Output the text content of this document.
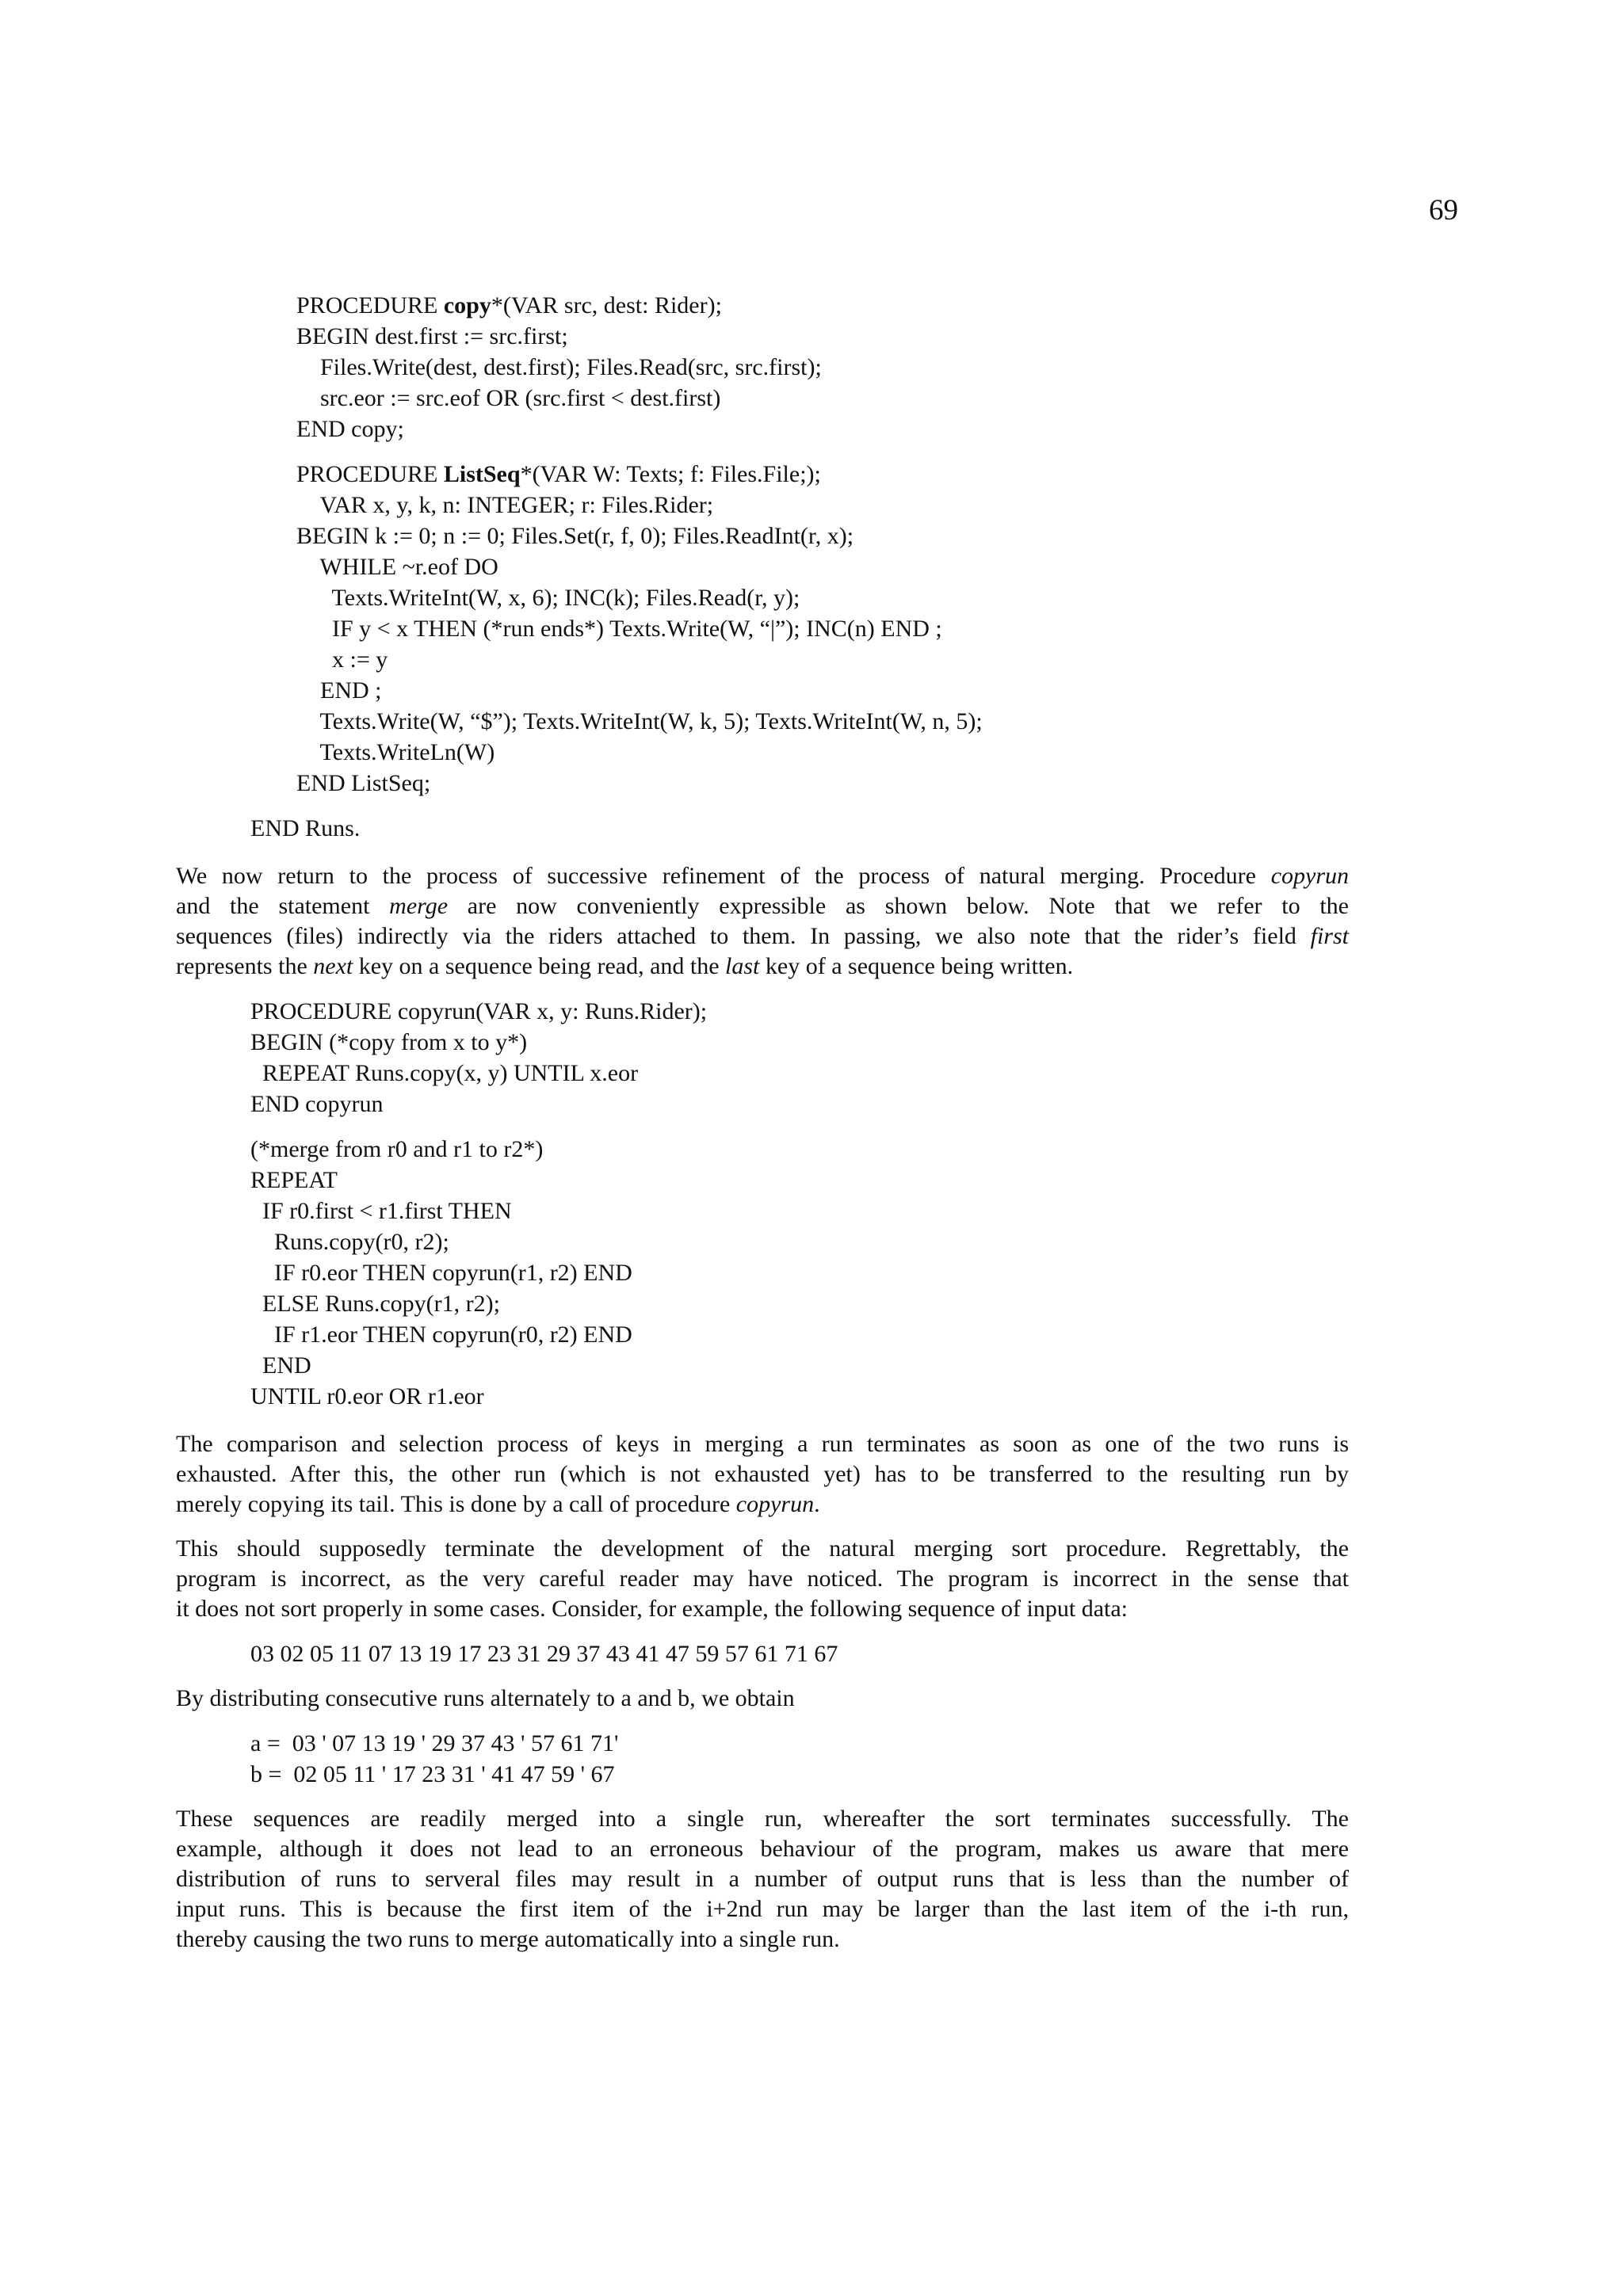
69
PROCEDURE copy*(VAR src, dest: Rider);
BEGIN dest.first := src.first;
Files.Write(dest, dest.first); Files.Read(src, src.first);
src.eor := src.eof OR (src.first < dest.first)
END copy;
PROCEDURE ListSeq*(VAR W: Texts; f: Files.File;);
VAR x, y, k, n: INTEGER; r: Files.Rider;
BEGIN k := 0; n := 0; Files.Set(r, f, 0); Files.ReadInt(r, x);
WHILE ~r.eof DO
Texts.WriteInt(W, x, 6); INC(k); Files.Read(r, y);
IF y < x THEN (*run ends*) Texts.Write(W, “|”); INC(n) END ;
x := y
END ;
Texts.Write(W, “$”); Texts.WriteInt(W, k, 5); Texts.WriteInt(W, n, 5);
Texts.WriteLn(W)
END ListSeq;
END Runs.

We now return to the process of successive refinement of the process of natural merging. Procedure copyrun
and the statement merge are now conveniently expressible as shown below. Note that we refer to the
sequences (files) indirectly via the riders attached to them. In passing, we also note that the rider’s field first
represents the next key on a sequence being read, and the last key of a sequence being written.

PROCEDURE copyrun(VAR x, y: Runs.Rider);
BEGIN (*copy from x to y*)
REPEAT Runs.copy(x, y) UNTIL x.eor
END copyrun
(*merge from r0 and r1 to r2*)
REPEAT
IF r0.first < r1.first THEN
Runs.copy(r0, r2);
IF r0.eor THEN copyrun(r1, r2) END
ELSE Runs.copy(r1, r2);
IF r1.eor THEN copyrun(r0, r2) END
END
UNTIL r0.eor OR r1.eor

The comparison and selection process of keys in merging a run terminates as soon as one of the two runs is
exhausted. After this, the other run (which is not exhausted yet) has to be transferred to the resulting run by
merely copying its tail. This is done by a call of procedure copyrun.

This should supposedly terminate the development of the natural merging sort procedure. Regrettably, the
program is incorrect, as the very careful reader may have noticed. The program is incorrect in the sense that
it does not sort properly in some cases. Consider, for example, the following sequence of input data:

03 02 05 11 07 13 19 17 23 31 29 37 43 41 47 59 57 61 71 67

By distributing consecutive runs alternately to a and b, we obtain

a =  03 ' 07 13 19 ' 29 37 43 ' 57 61 71'
b =  02 05 11 ' 17 23 31 ' 41 47 59 ' 67

These sequences are readily merged into a single run, whereafter the sort terminates successfully. The
example, although it does not lead to an erroneous behaviour of the program, makes us aware that mere
distribution of runs to serveral files may result in a number of output runs that is less than the number of
input runs. This is because the first item of the i+2nd run may be larger than the last item of the i-th run,
thereby causing the two runs to merge automatically into a single run.
